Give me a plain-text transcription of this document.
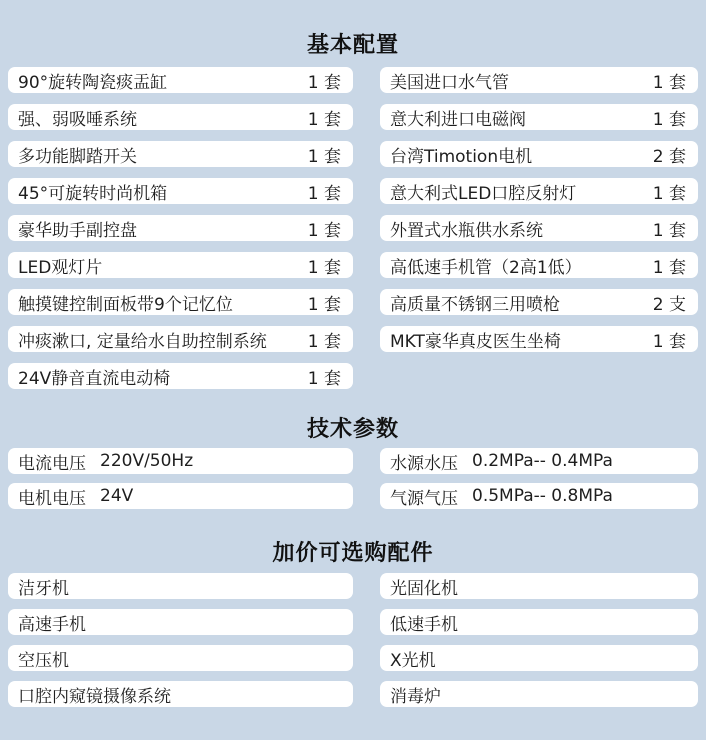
基本配置
90°旋转陶瓷痰盂缸	1 套	美国进口水气管	1 套
强、弱吸唾系统	1 套	意大利进口电磁阀	1 套
多功能脚踏开关	1 套	台湾Timotion电机	2 套
45°可旋转时尚机箱	1 套	意大利式LED口腔反射灯	1 套
豪华助手副控盘	1 套	外置式水瓶供水系统	1 套
LED观灯片	1 套	高低速手机管（2高1低）	1 套
触摸键控制面板带9个记忆位	1 套	高质量不锈钢三用喷枪	2 支
冲痰漱口, 定量给水自助控制系统 1 套	MKT豪华真皮医生坐椅	1 套
24V静音直流电动椅	1 套
技术参数
电流电压 220V/50Hz	水源水压 0.2MPa-- 0.4MPa
电机电压 24V	气源气压 0.5MPa-- 0.8MPa
加价可选购配件
洁牙机	光固化机
高速手机	低速手机
空压机	X光机
口腔内窥镜摄像系统	消毒炉
